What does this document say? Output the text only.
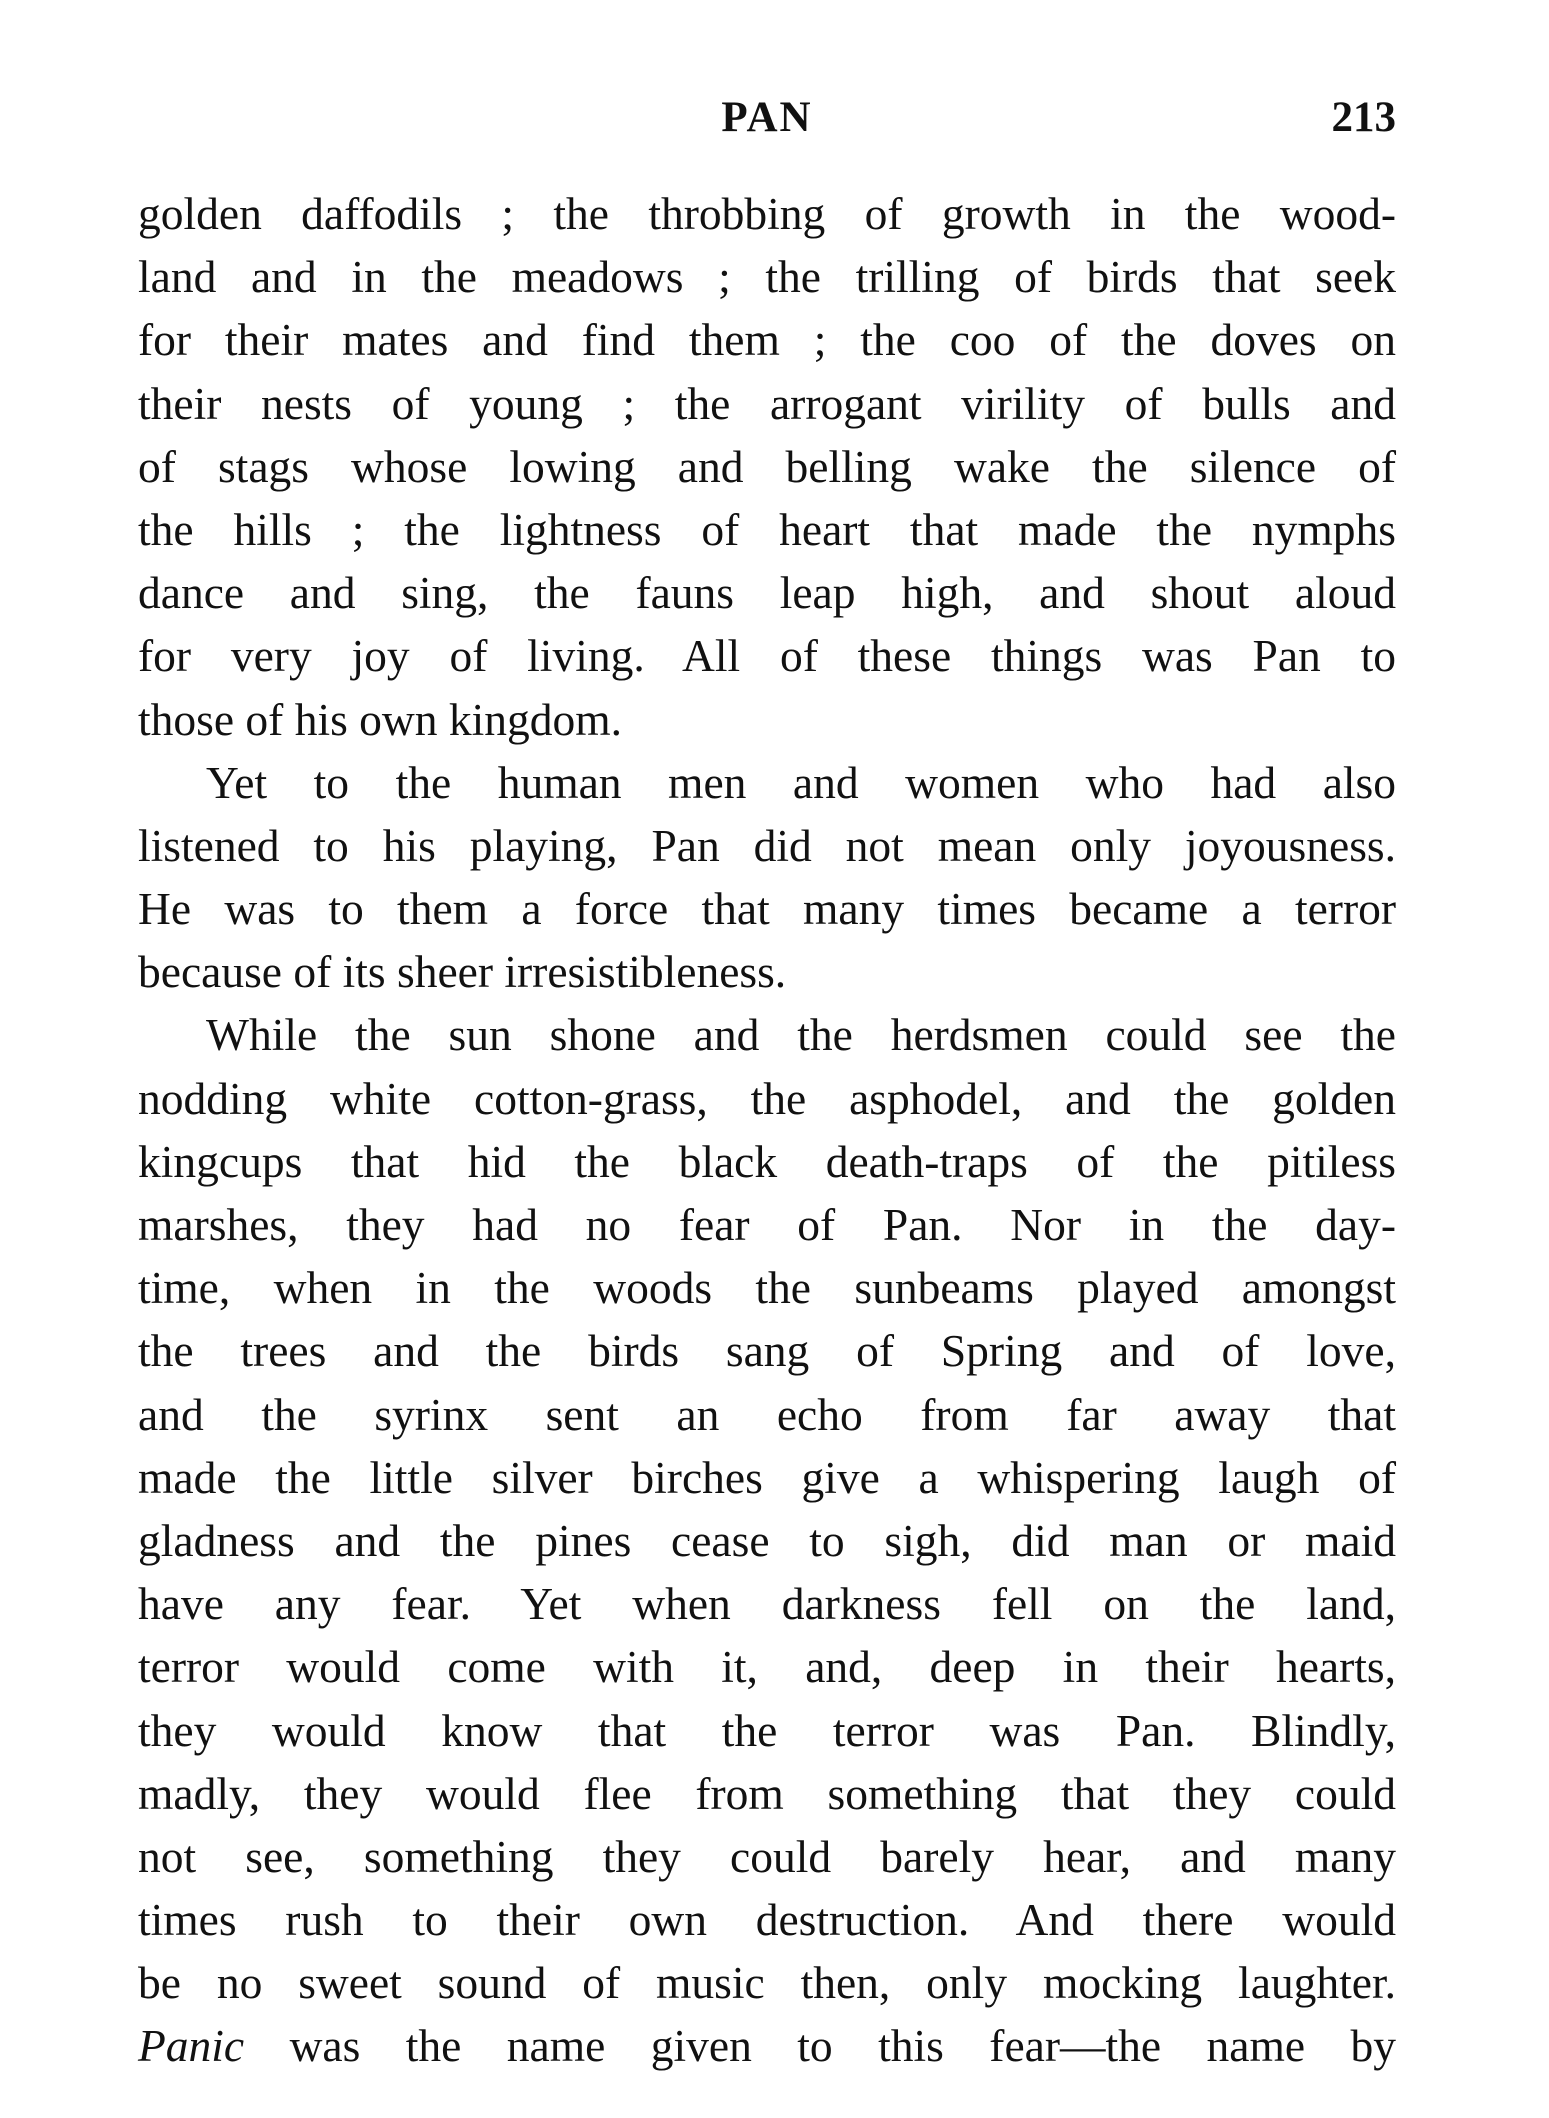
PAN	213
golden daffodils ; the throbbing of growth in the wood-
land and in the meadows ; the trilling of birds that seek
for their mates and find them ; the coo of the doves on
their nests of young ; the arrogant virility of bulls and
of stags whose lowing and belling wake the silence of
the hills ; the lightness of heart that made the nymphs
dance and sing, the fauns leap high, and shout aloud
for very joy of living. All of these things was Pan to
those of his own kingdom.
Yet to the human men and women who had also
listened to his playing, Pan did not mean only joyousness.
He was to them a force that many times became a terror
because of its sheer irresistibleness.
While the sun shone and the herdsmen could see the
nodding white cotton-grass, the asphodel, and the golden
kingcups that hid the black death-traps of the pitiless
marshes, they had no fear of Pan. Nor in the day-
time, when in the woods the sunbeams played amongst
the trees and the birds sang of Spring and of love,
and the syrinx sent an echo from far away that
made the little silver birches give a whispering laugh of
gladness and the pines cease to sigh, did man or maid
have any fear. Yet when darkness fell on the land,
terror would come with it, and, deep in their hearts,
they would know that the terror was Pan. Blindly,
madly, they would flee from something that they could
not see, something they could barely hear, and many
times rush to their own destruction. And there would
be no sweet sound of music then, only mocking laughter.
Panic was the name given to this fear—the name by
